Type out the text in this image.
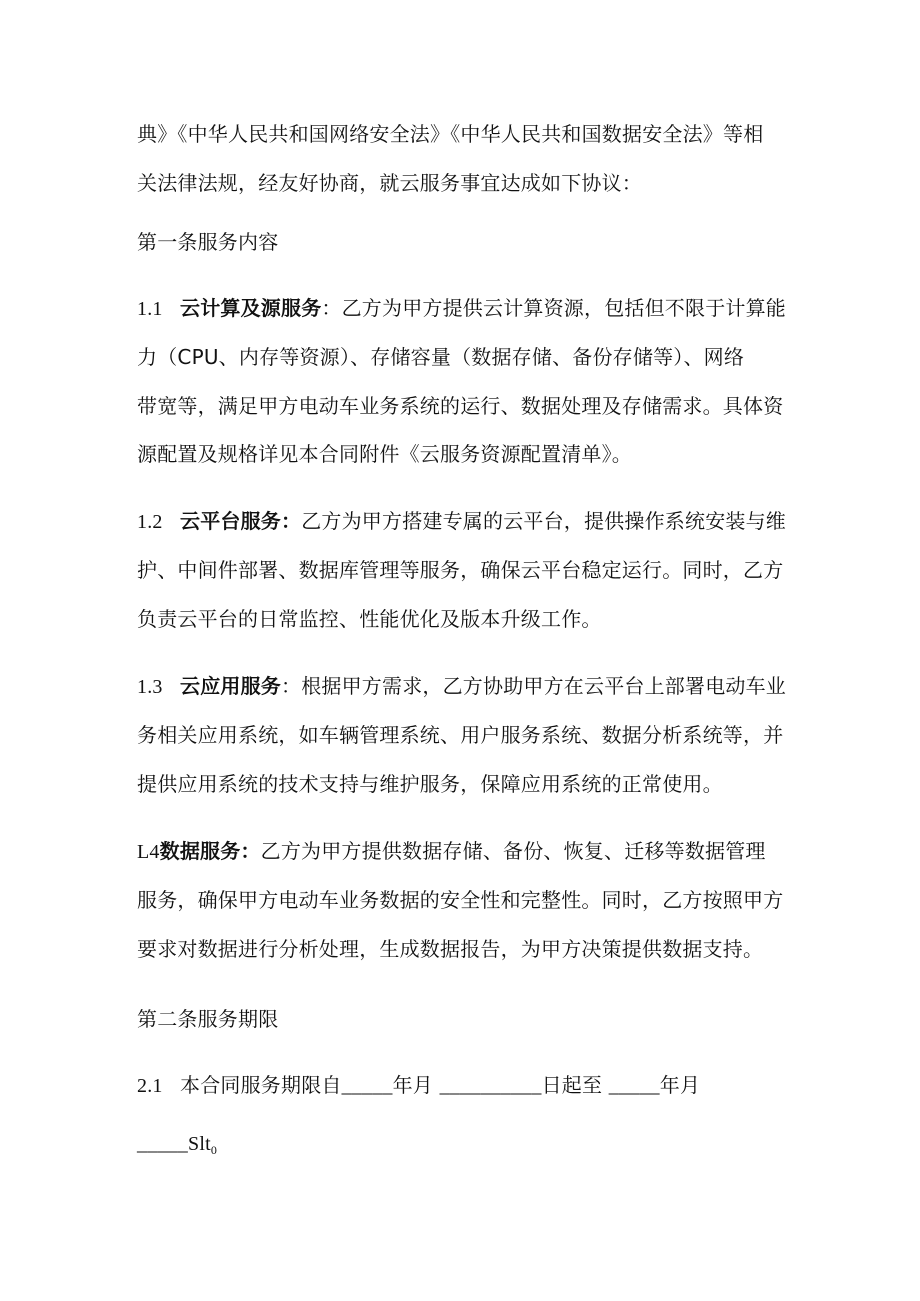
典》《中华人民共和国网络安全法》《中华人民共和国数据安全法》等相
关法律法规，经友好协商，就云服务事宜达成如下协议：
第一条服务内容
1.1 云计算及源服务：乙方为甲方提供云计算资源，包括但不限于计算能
力（CPU、内存等资源）、存储容量（数据存储、备份存储等）、网络
带宽等，满足甲方电动车业务系统的运行、数据处理及存储需求。具体资
源配置及规格详见本合同附件《云服务资源配置清单》。
1.2 云平台服务：乙方为甲方搭建专属的云平台，提供操作系统安装与维
护、中间件部署、数据库管理等服务，确保云平台稳定运行。同时，乙方
负责云平台的日常监控、性能优化及版本升级工作。
1.3 云应用服务：根据甲方需求，乙方协助甲方在云平台上部署电动车业
务相关应用系统，如车辆管理系统、用户服务系统、数据分析系统等，并
提供应用系统的技术支持与维护服务，保障应用系统的正常使用。
L4数据服务：乙方为甲方提供数据存储、备份、恢复、迁移等数据管理
服务，确保甲方电动车业务数据的安全性和完整性。同时，乙方按照甲方
要求对数据进行分析处理，生成数据报告，为甲方决策提供数据支持。
第二条服务期限
2.1 本合同服务期限自_____年月 __________日起至 _____年月
_____Slt$_0$
